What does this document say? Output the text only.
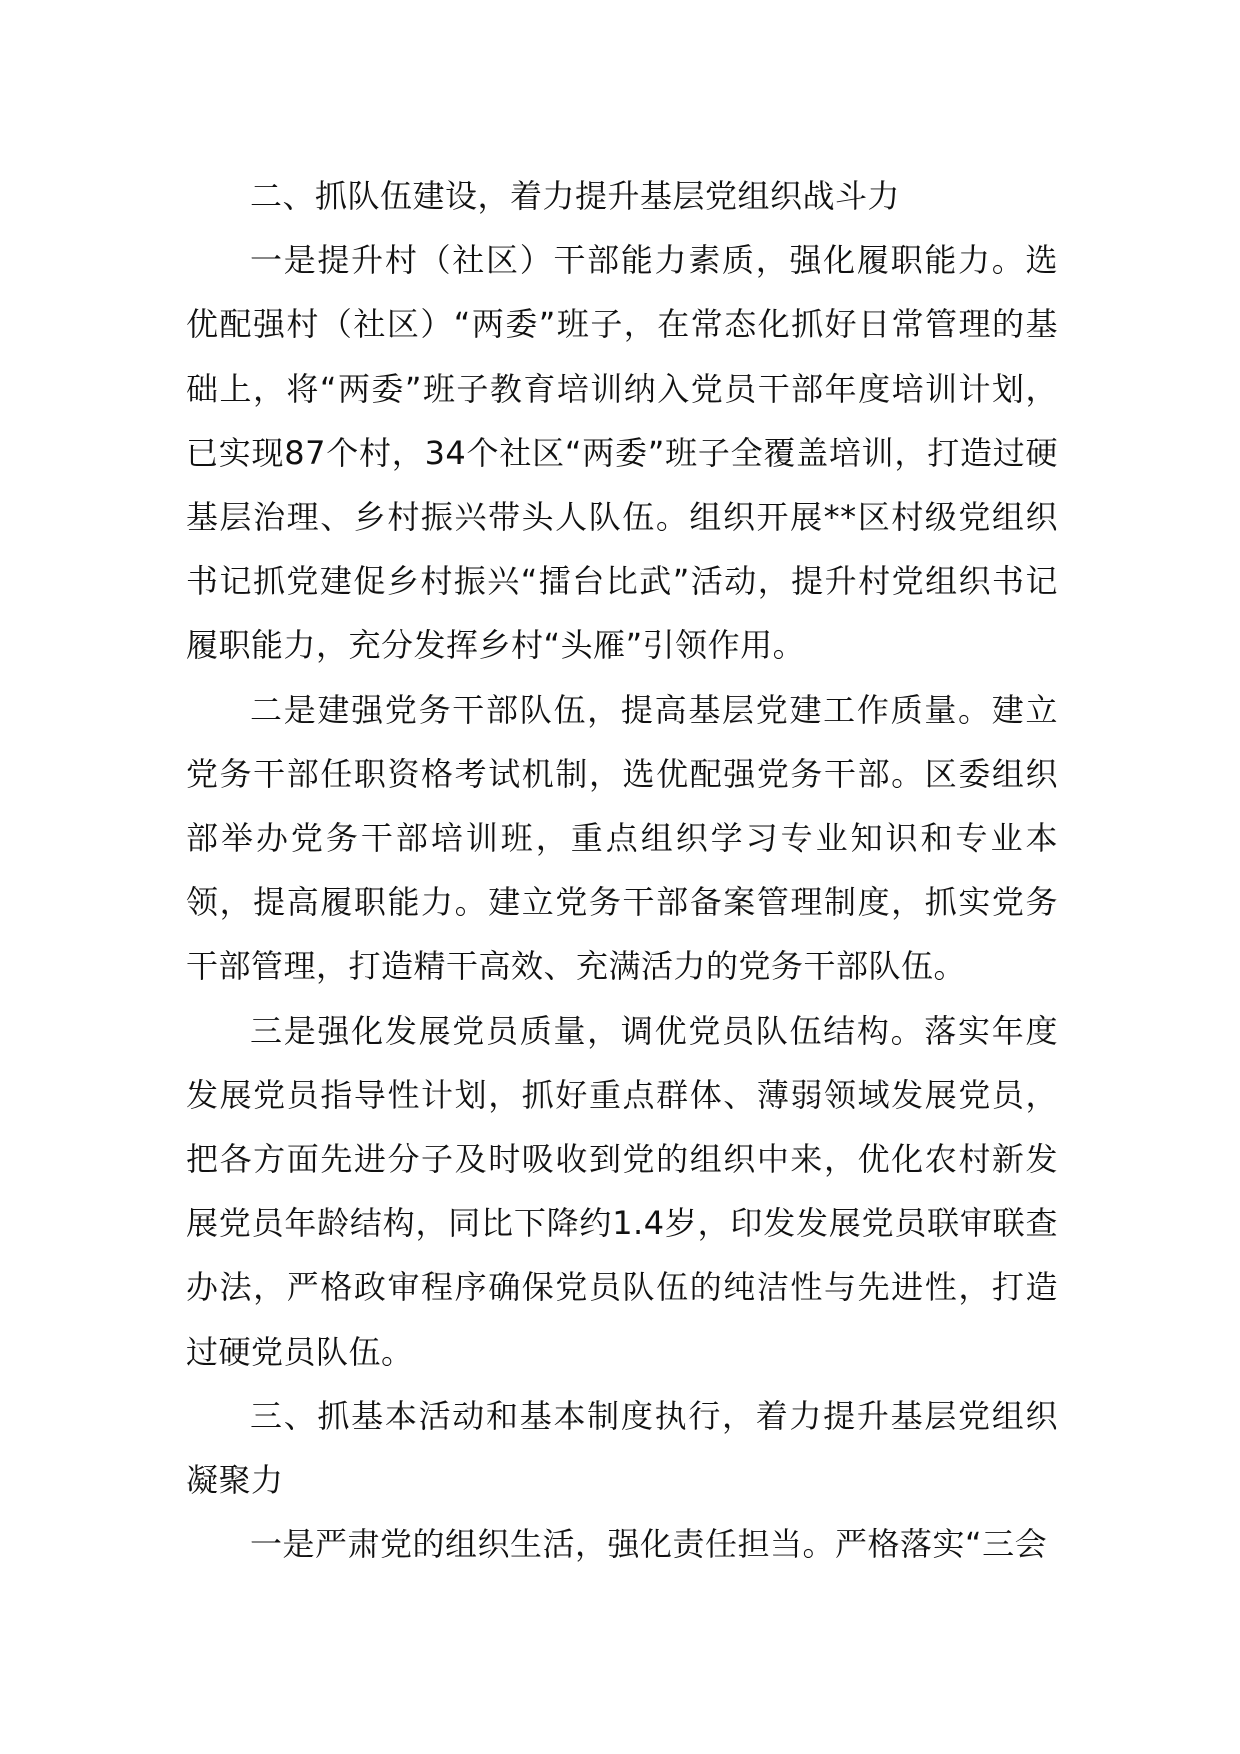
二、抓队伍建设，着力提升基层党组织战斗力

一是提升村（社区）干部能力素质，强化履职能力。选优配强村（社区）“两委”班子，在常态化抓好日常管理的基础上，将“两委”班子教育培训纳入党员干部年度培训计划，已实现87个村，34个社区“两委”班子全覆盖培训，打造过硬基层治理、乡村振兴带头人队伍。组织开展**区村级党组织书记抓党建促乡村振兴“擂台比武”活动，提升村党组织书记履职能力，充分发挥乡村“头雁”引领作用。

二是建强党务干部队伍，提高基层党建工作质量。建立党务干部任职资格考试机制，选优配强党务干部。区委组织部举办党务干部培训班，重点组织学习专业知识和专业本领，提高履职能力。建立党务干部备案管理制度，抓实党务干部管理，打造精干高效、充满活力的党务干部队伍。

三是强化发展党员质量，调优党员队伍结构。落实年度发展党员指导性计划，抓好重点群体、薄弱领域发展党员，把各方面先进分子及时吸收到党的组织中来，优化农村新发展党员年龄结构，同比下降约1.4岁，印发发展党员联审联查办法，严格政审程序确保党员队伍的纯洁性与先进性，打造过硬党员队伍。

三、抓基本活动和基本制度执行，着力提升基层党组织凝聚力

一是严肃党的组织生活，强化责任担当。严格落实“三会
